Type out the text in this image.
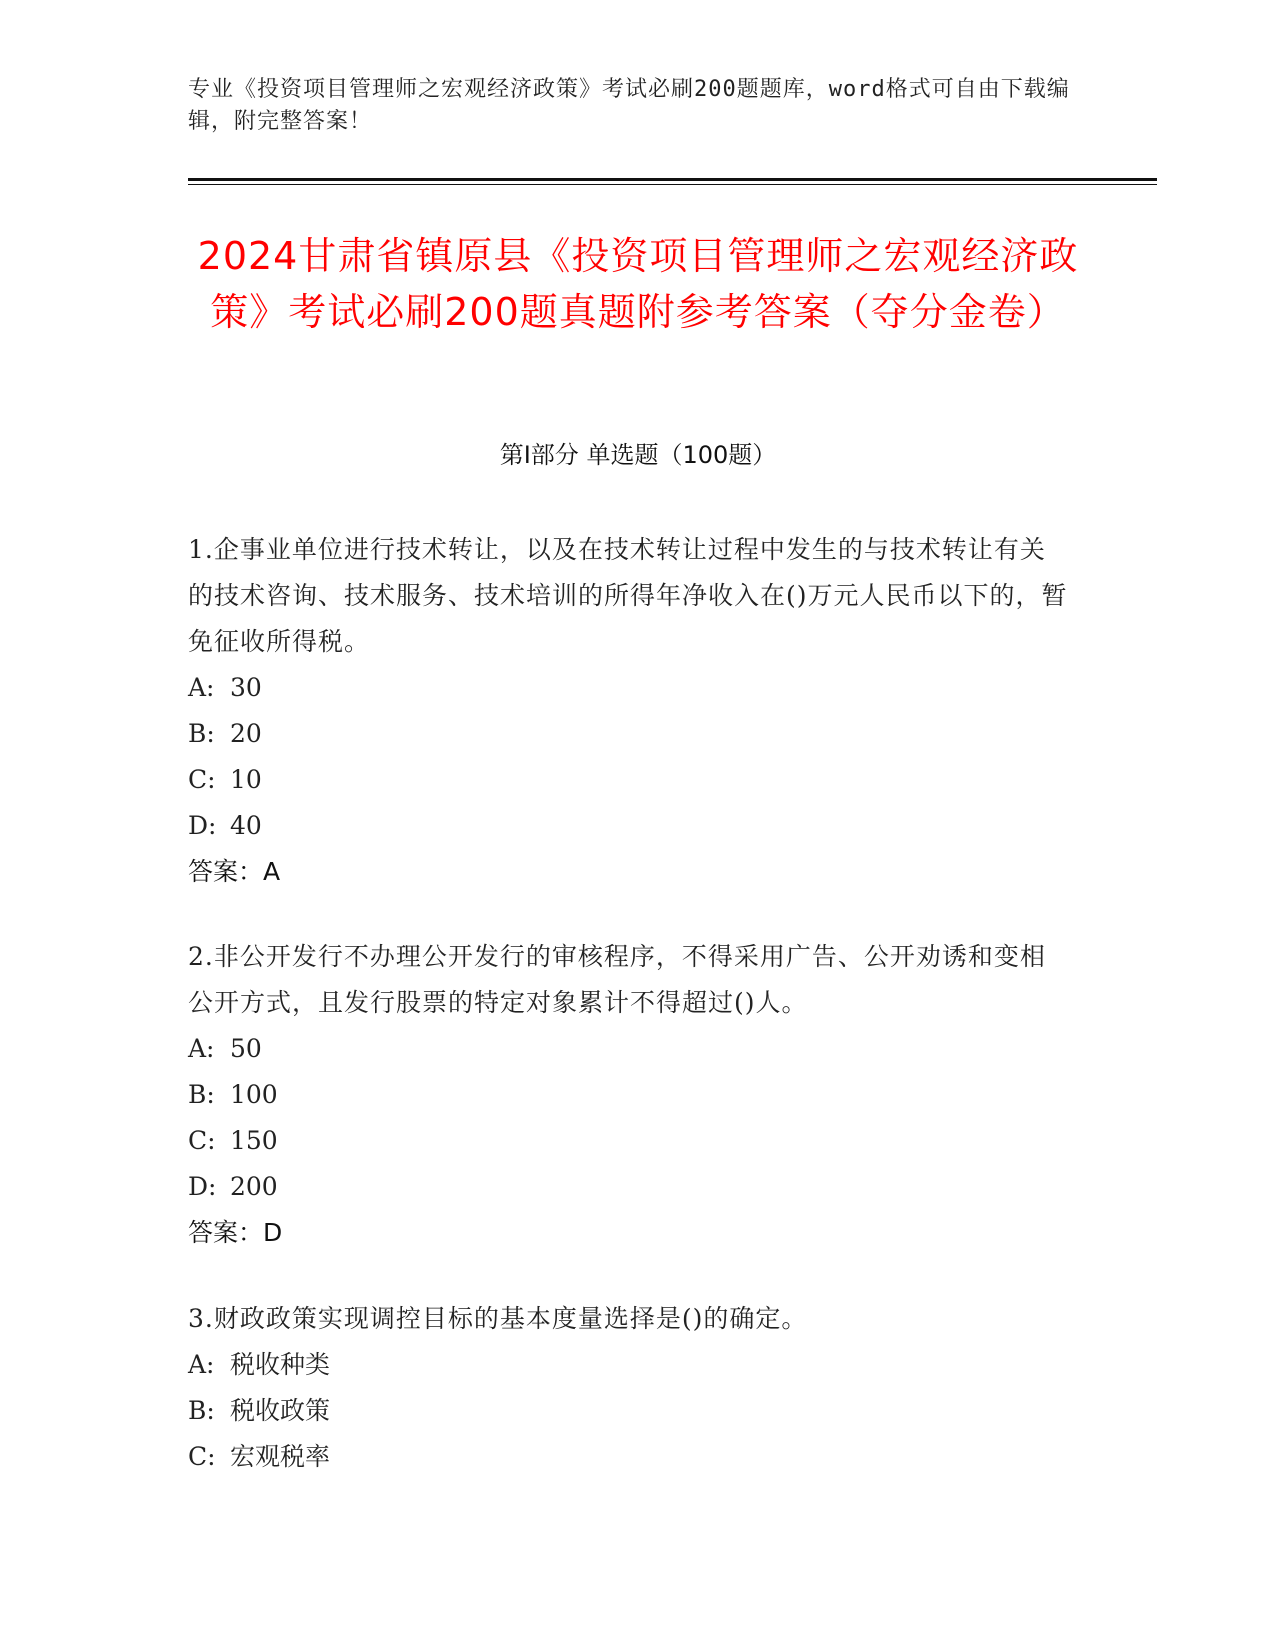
专业《投资项目管理师之宏观经济政策》考试必刷200题题库，word格式可自由下载编辑，附完整答案！
2024甘肃省镇原县《投资项目管理师之宏观经济政策》考试必刷200题真题附参考答案（夺分金卷）
第Ⅰ部分 单选题（100题）
1.企事业单位进行技术转让，以及在技术转让过程中发生的与技术转让有关的技术咨询、技术服务、技术培训的所得年净收入在()万元人民币以下的，暂免征收所得税。
A: 30
B: 20
C: 10
D: 40
答案：A
2.非公开发行不办理公开发行的审核程序，不得采用广告、公开劝诱和变相公开方式，且发行股票的特定对象累计不得超过()人。
A: 50
B: 100
C: 150
D: 200
答案：D
3.财政政策实现调控目标的基本度量选择是()的确定。
A: 税收种类
B: 税收政策
C: 宏观税率
